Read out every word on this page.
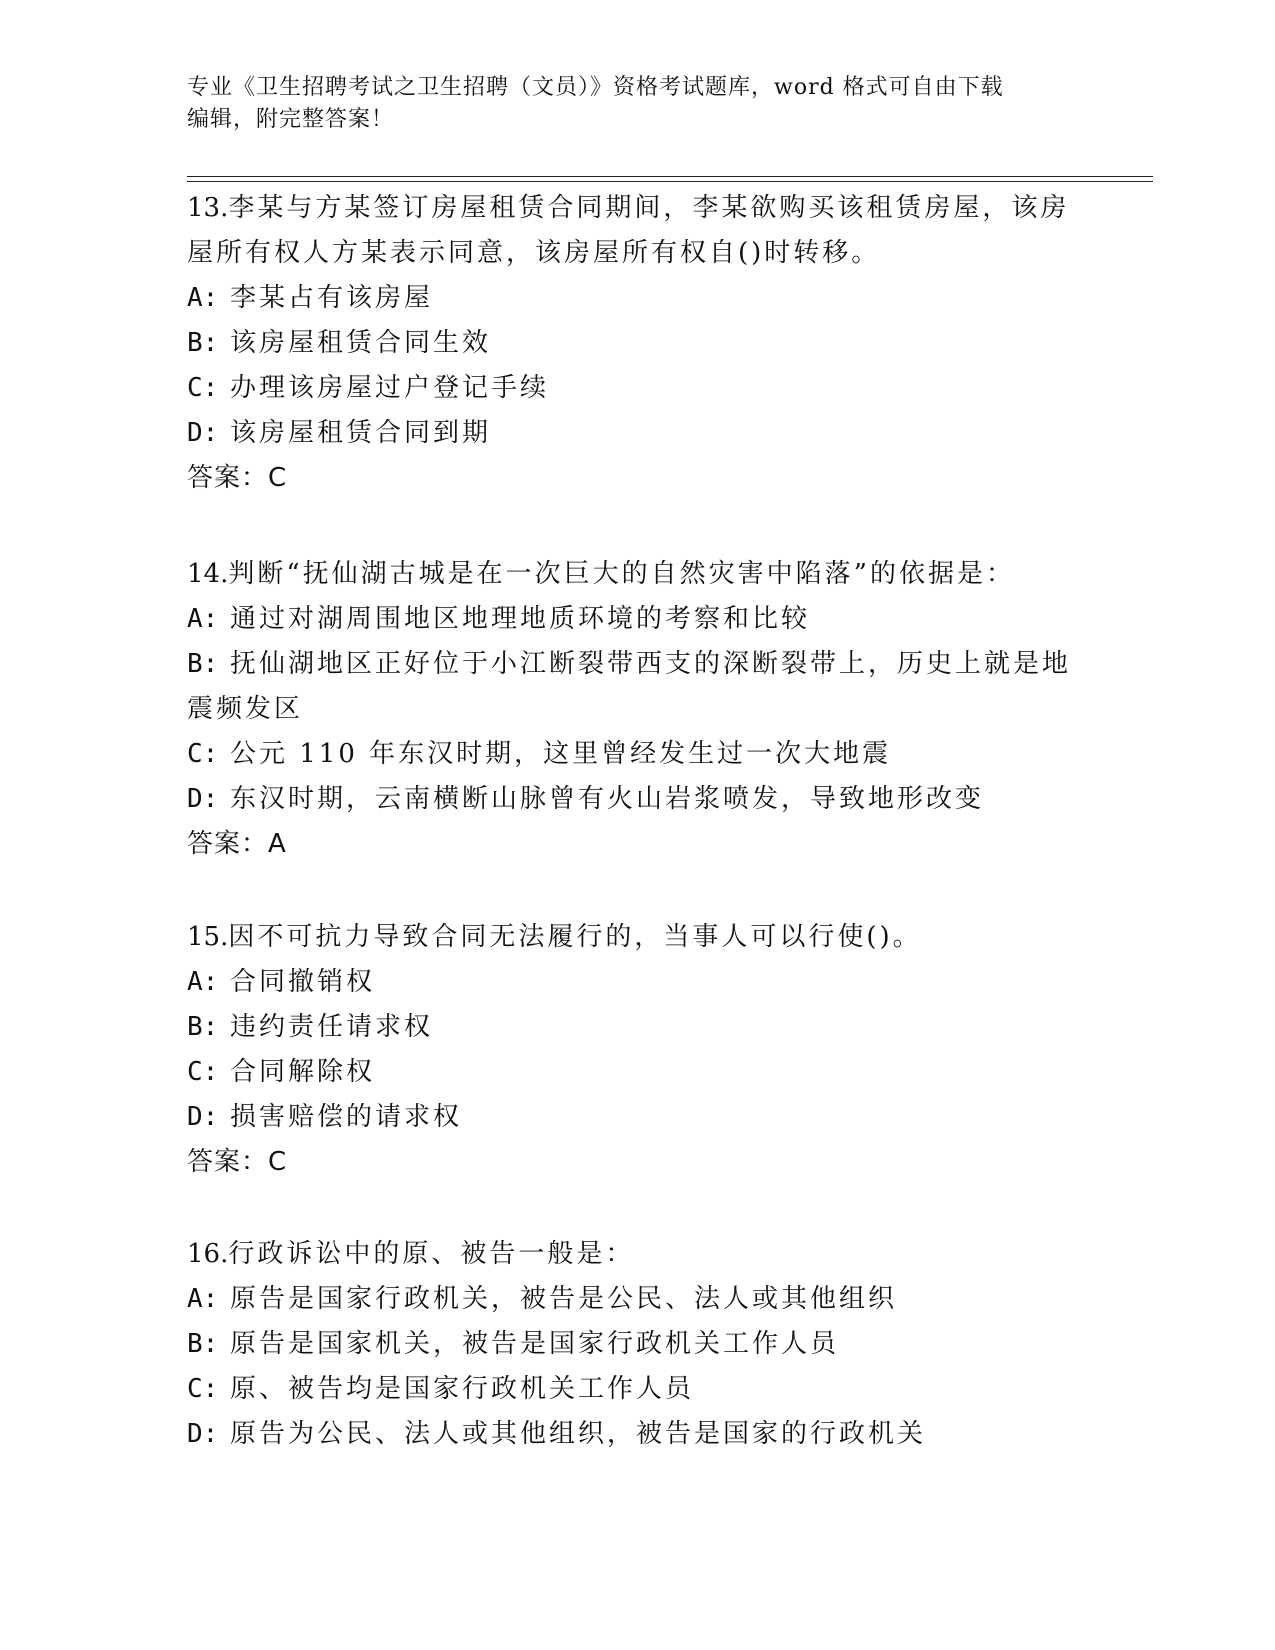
专业《卫生招聘考试之卫生招聘（文员）》资格考试题库，word 格式可自由下载
编辑，附完整答案！
13.李某与方某签订房屋租赁合同期间，李某欲购买该租赁房屋，该房
屋所有权人方某表示同意，该房屋所有权自()时转移。
A: 李某占有该房屋
B: 该房屋租赁合同生效
C: 办理该房屋过户登记手续
D: 该房屋租赁合同到期
答案：C
14.判断“抚仙湖古城是在一次巨大的自然灾害中陷落”的依据是：
A: 通过对湖周围地区地理地质环境的考察和比较
B: 抚仙湖地区正好位于小江断裂带西支的深断裂带上，历史上就是地
震频发区
C: 公元 110 年东汉时期，这里曾经发生过一次大地震
D: 东汉时期，云南横断山脉曾有火山岩浆喷发，导致地形改变
答案：A
15.因不可抗力导致合同无法履行的，当事人可以行使()。
A: 合同撤销权
B: 违约责任请求权
C: 合同解除权
D: 损害赔偿的请求权
答案：C
16.行政诉讼中的原、被告一般是：
A: 原告是国家行政机关，被告是公民、法人或其他组织
B: 原告是国家机关，被告是国家行政机关工作人员
C: 原、被告均是国家行政机关工作人员
D: 原告为公民、法人或其他组织，被告是国家的行政机关
